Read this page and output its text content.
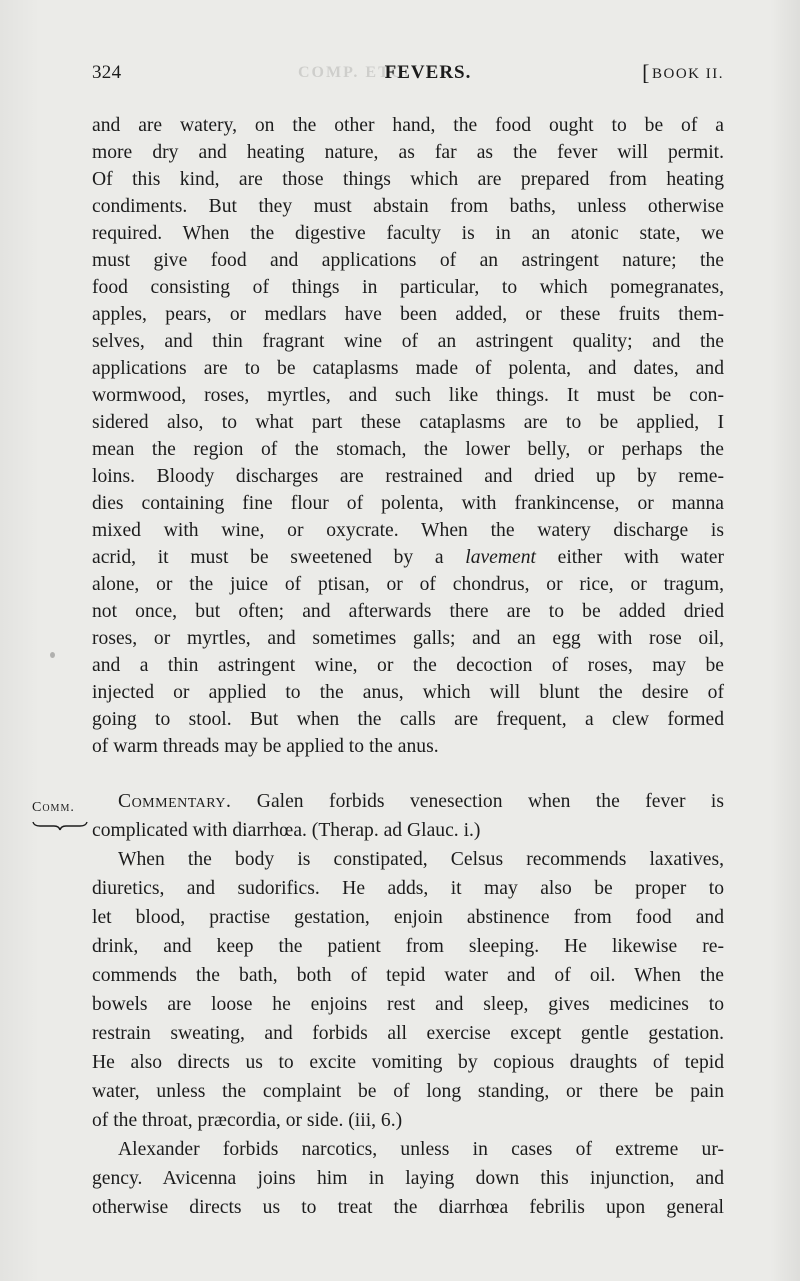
COMP. ETC.
324	FEVERS.	[BOOK II.

and are watery, on the other hand, the food ought to be of a

more dry and heating nature, as far as the fever will permit.

Of this kind, are those things which are prepared from heating

condiments. But they must abstain from baths, unless otherwise

required. When the digestive faculty is in an atonic state, we

must give food and applications of an astringent nature; the

food consisting of things in particular, to which pomegranates,

apples, pears, or medlars have been added, or these fruits them-

selves, and thin fragrant wine of an astringent quality; and the

applications are to be cataplasms made of polenta, and dates, and

wormwood, roses, myrtles, and such like things. It must be con-

sidered also, to what part these cataplasms are to be applied, I

mean the region of the stomach, the lower belly, or perhaps the

loins. Bloody discharges are restrained and dried up by reme-

dies containing fine flour of polenta, with frankincense, or manna

mixed with wine, or oxycrate. When the watery discharge is

acrid, it must be sweetened by a lavement either with water

alone, or the juice of ptisan, or of chondrus, or rice, or tragum,

not once, but often; and afterwards there are to be added dried

roses, or myrtles, and sometimes galls; and an egg with rose oil,

and a thin astringent wine, or the decoction of roses, may be

injected or applied to the anus, which will blunt the desire of

going to stool. But when the calls are frequent, a clew formed

of warm threads may be applied to the anus.

Comm.	Commentary. Galen forbids venesection when the fever is

complicated with diarrhœa. (Therap. ad Glauc. i.)

When the body is constipated, Celsus recommends laxatives,

diuretics, and sudorifics. He adds, it may also be proper to

let blood, practise gestation, enjoin abstinence from food and

drink, and keep the patient from sleeping. He likewise re-

commends the bath, both of tepid water and of oil. When the

bowels are loose he enjoins rest and sleep, gives medicines to

restrain sweating, and forbids all exercise except gentle gestation.

He also directs us to excite vomiting by copious draughts of tepid

water, unless the complaint be of long standing, or there be pain

of the throat, præcordia, or side. (iii, 6.)

Alexander forbids narcotics, unless in cases of extreme ur-

gency. Avicenna joins him in laying down this injunction, and

otherwise directs us to treat the diarrhœa febrilis upon general
